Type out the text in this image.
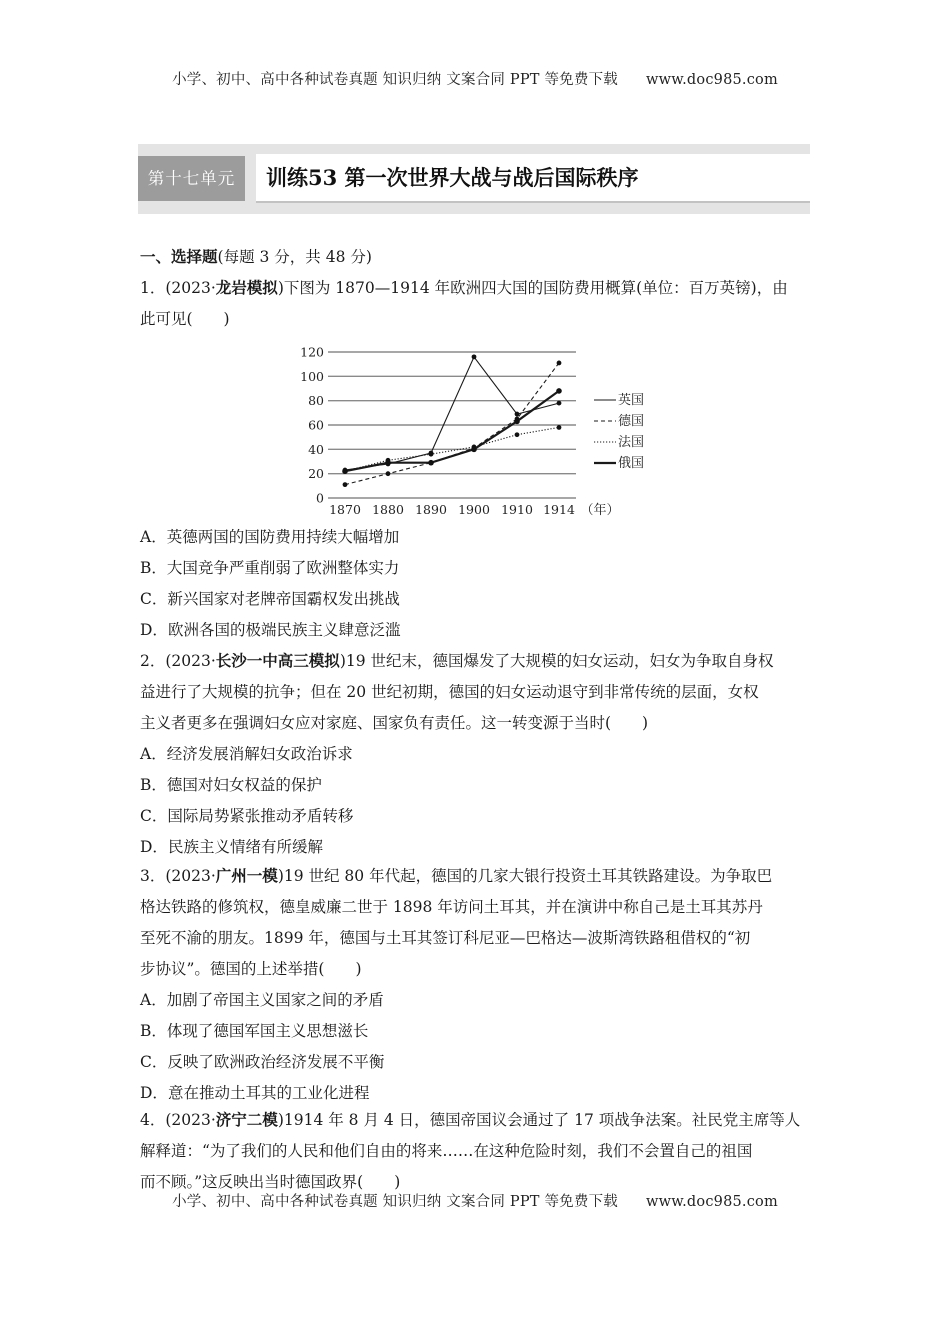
小学、初中、高中各种试卷真题 知识归纳 文案合同 PPT 等免费下载 www.doc985.com
第十七单元	训练53 第一次世界大战与战后国际秩序
一、选择题(每题 3 分，共 48 分)
1．(2023·龙岩模拟)下图为 1870—1914 年欧洲四大国的国防费用概算(单位：百万英镑)，由
此可见(　　)
0
20
40
60
80
100
120
1870 1880 1890 1900 1910 1914 （年）
英国
德国
法国
俄国
A．英德两国的国防费用持续大幅增加
B．大国竞争严重削弱了欧洲整体实力
C．新兴国家对老牌帝国霸权发出挑战
D．欧洲各国的极端民族主义肆意泛滥
2．(2023·长沙一中高三模拟)19 世纪末，德国爆发了大规模的妇女运动，妇女为争取自身权
益进行了大规模的抗争；但在 20 世纪初期，德国的妇女运动退守到非常传统的层面，女权
主义者更多在强调妇女应对家庭、国家负有责任。这一转变源于当时(　　)
A．经济发展消解妇女政治诉求
B．德国对妇女权益的保护
C．国际局势紧张推动矛盾转移
D．民族主义情绪有所缓解
3．(2023·广州一模)19 世纪 80 年代起，德国的几家大银行投资土耳其铁路建设。为争取巴
格达铁路的修筑权，德皇威廉二世于 1898 年访问土耳其，并在演讲中称自己是土耳其苏丹
至死不渝的朋友。1899 年，德国与土耳其签订科尼亚—巴格达—波斯湾铁路租借权的“初
步协议”。德国的上述举措(　　)
A．加剧了帝国主义国家之间的矛盾
B．体现了德国军国主义思想滋长
C．反映了欧洲政治经济发展不平衡
D．意在推动土耳其的工业化进程
4．(2023·济宁二模)1914 年 8 月 4 日，德国帝国议会通过了 17 项战争法案。社民党主席等人
解释道：“为了我们的人民和他们自由的将来……在这种危险时刻，我们不会置自己的祖国
而不顾。”这反映出当时德国政界(　　)
小学、初中、高中各种试卷真题 知识归纳 文案合同 PPT 等免费下载 www.doc985.com
